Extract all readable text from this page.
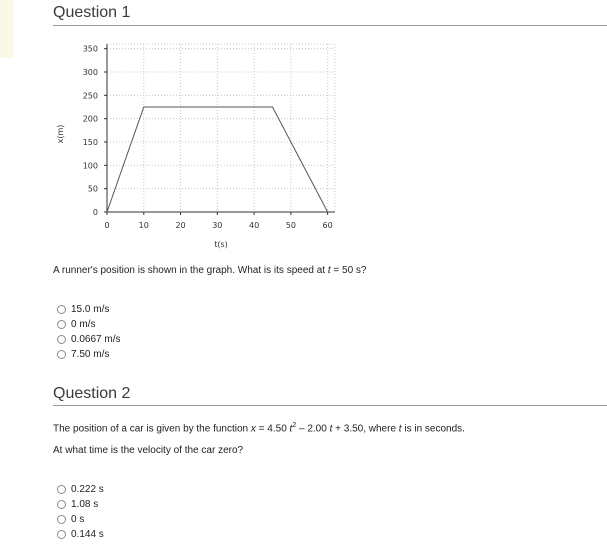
Question 1
0
50
100
150
200
250
300
350
0	10	20	30	40	50	60
t(s)
x(m)
A runner's position is shown in the graph. What is its speed at t = 50 s?
15.0 m/s
0 m/s
0.0667 m/s
7.50 m/s
Question 2
The position of a car is given by the function x = 4.50 $t^2 - 2.00$ t + 3.50, where t is in seconds.
At what time is the velocity of the car zero?
0.222 s
1.08 s
0 s
0.144 s
